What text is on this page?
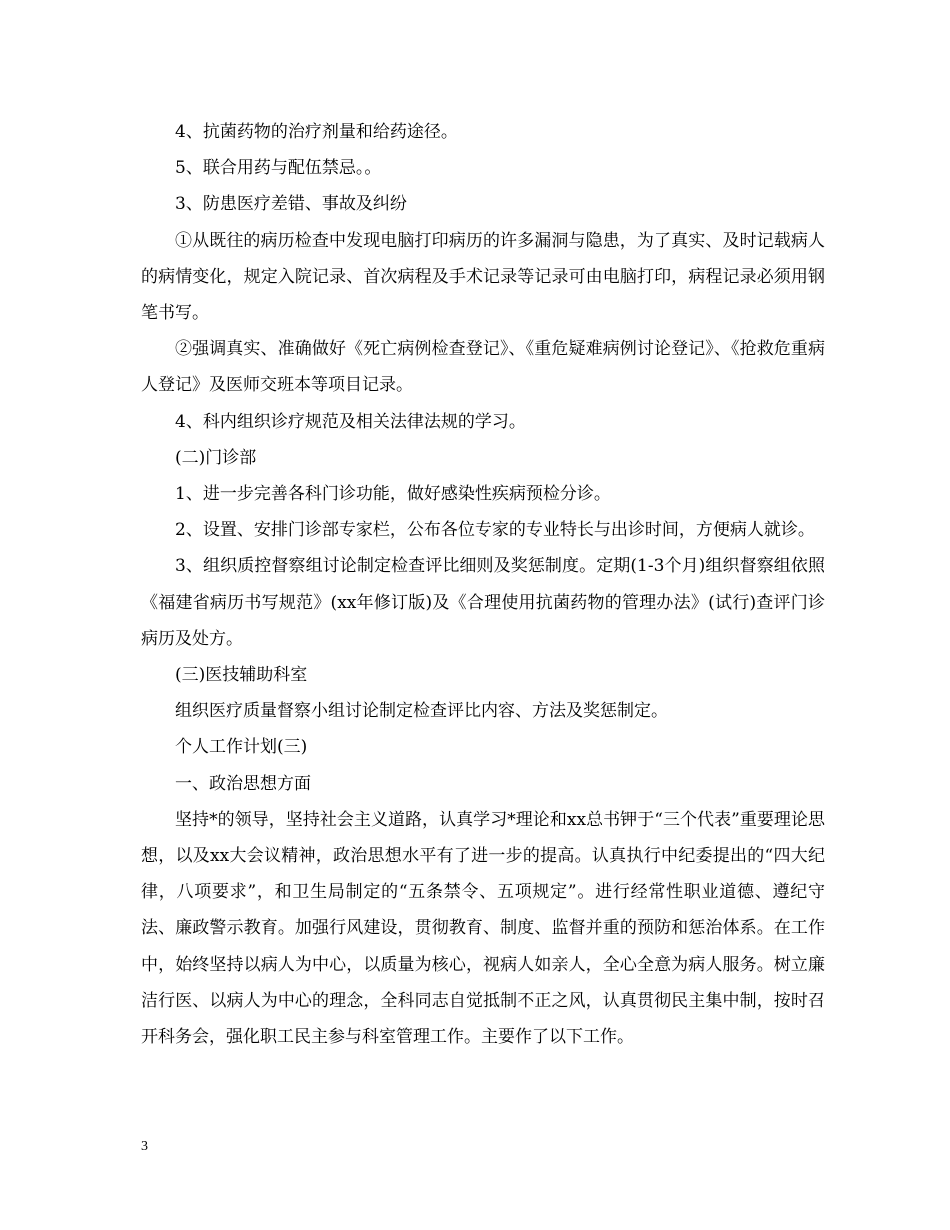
4、抗菌药物的治疗剂量和给药途径。

5、联合用药与配伍禁忌。。

3、防患医疗差错、事故及纠纷

①从既往的病历检查中发现电脑打印病历的许多漏洞与隐患，为了真实、及时记载病人的病情变化，规定入院记录、首次病程及手术记录等记录可由电脑打印，病程记录必须用钢笔书写。

②强调真实、准确做好《死亡病例检查登记》、《重危疑难病例讨论登记》、《抢救危重病人登记》及医师交班本等项目记录。

4、科内组织诊疗规范及相关法律法规的学习。

(二)门诊部

1、进一步完善各科门诊功能，做好感染性疾病预检分诊。

2、设置、安排门诊部专家栏，公布各位专家的专业特长与出诊时间，方便病人就诊。

3、组织质控督察组讨论制定检查评比细则及奖惩制度。定期(1-3个月)组织督察组依照《福建省病历书写规范》(xx年修订版)及《合理使用抗菌药物的管理办法》(试行)查评门诊病历及处方。

(三)医技辅助科室

组织医疗质量督察小组讨论制定检查评比内容、方法及奖惩制定。

个人工作计划(三)

一、政治思想方面

坚持*的领导，坚持社会主义道路，认真学习*理论和xx总书钾于“三个代表”重要理论思想，以及xx大会议精神，政治思想水平有了进一步的提高。认真执行中纪委提出的“四大纪律，八项要求”，和卫生局制定的“五条禁令、五项规定”。进行经常性职业道德、遵纪守法、廉政警示教育。加强行风建设，贯彻教育、制度、监督并重的预防和惩治体系。在工作中，始终坚持以病人为中心，以质量为核心，视病人如亲人，全心全意为病人服务。树立廉洁行医、以病人为中心的理念，全科同志自觉抵制不正之风，认真贯彻民主集中制，按时召开科务会，强化职工民主参与科室管理工作。主要作了以下工作。

3
